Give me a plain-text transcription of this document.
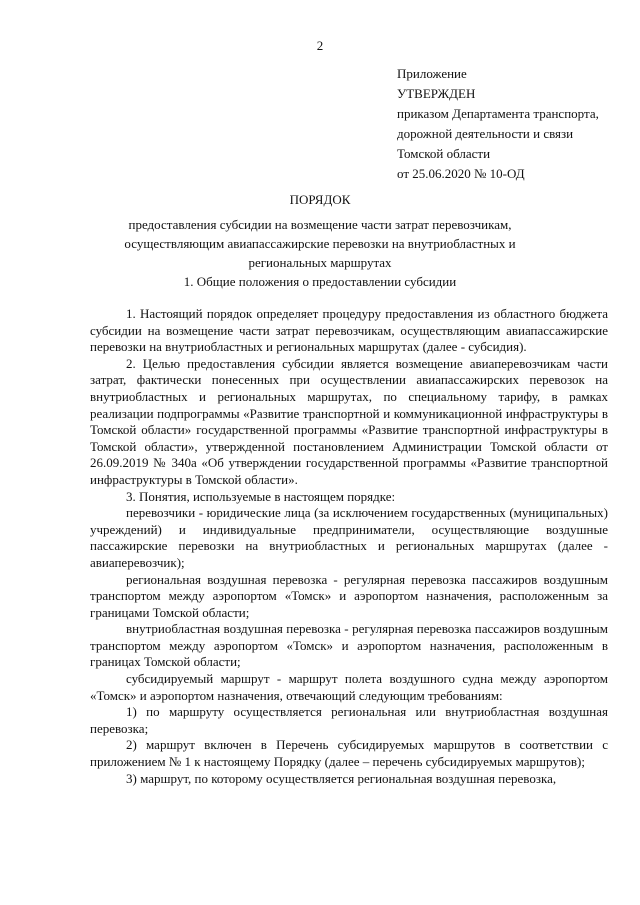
2
Приложение
УТВЕРЖДЕН
приказом Департамента транспорта,
дорожной деятельности и связи
Томской области
от 25.06.2020 № 10-ОД
ПОРЯДОК
предоставления субсидии на возмещение части затрат перевозчикам, осуществляющим авиапассажирские перевозки на внутриобластных и региональных маршрутах
1. Общие положения о предоставлении субсидии

1. Настоящий порядок определяет процедуру предоставления из областного бюджета субсидии на возмещение части затрат перевозчикам, осуществляющим авиапассажирские перевозки на внутриобластных и региональных маршрутах (далее - субсидия).

2. Целью предоставления субсидии является возмещение авиаперевозчикам части затрат, фактически понесенных при осуществлении авиапассажирских перевозок на внутриобластных и региональных маршрутах, по специальному тарифу, в рамках реализации подпрограммы «Развитие транспортной и коммуникационной инфраструктуры в Томской области» государственной программы «Развитие транспортной инфраструктуры в Томской области», утвержденной постановлением Администрации Томской области от 26.09.2019 № 340а «Об утверждении государственной программы «Развитие транспортной инфраструктуры в Томской области».

3. Понятия, используемые в настоящем порядке:

перевозчики - юридические лица (за исключением государственных (муниципальных) учреждений) и индивидуальные предприниматели, осуществляющие воздушные пассажирские перевозки на внутриобластных и региональных маршрутах (далее - авиаперевозчик);

региональная воздушная перевозка - регулярная перевозка пассажиров воздушным транспортом между аэропортом «Томск» и аэропортом назначения, расположенным за границами Томской области;

внутриобластная воздушная перевозка - регулярная перевозка пассажиров воздушным транспортом между аэропортом «Томск» и аэропортом назначения, расположенным в границах Томской области;

субсидируемый маршрут - маршрут полета воздушного судна между аэропортом «Томск» и аэропортом назначения, отвечающий следующим требованиям:

1) по маршруту осуществляется региональная или внутриобластная воздушная перевозка;

2) маршрут включен в Перечень субсидируемых маршрутов в соответствии с приложением № 1 к настоящему Порядку (далее – перечень субсидируемых маршрутов);

3) маршрут, по которому осуществляется региональная воздушная перевозка,
